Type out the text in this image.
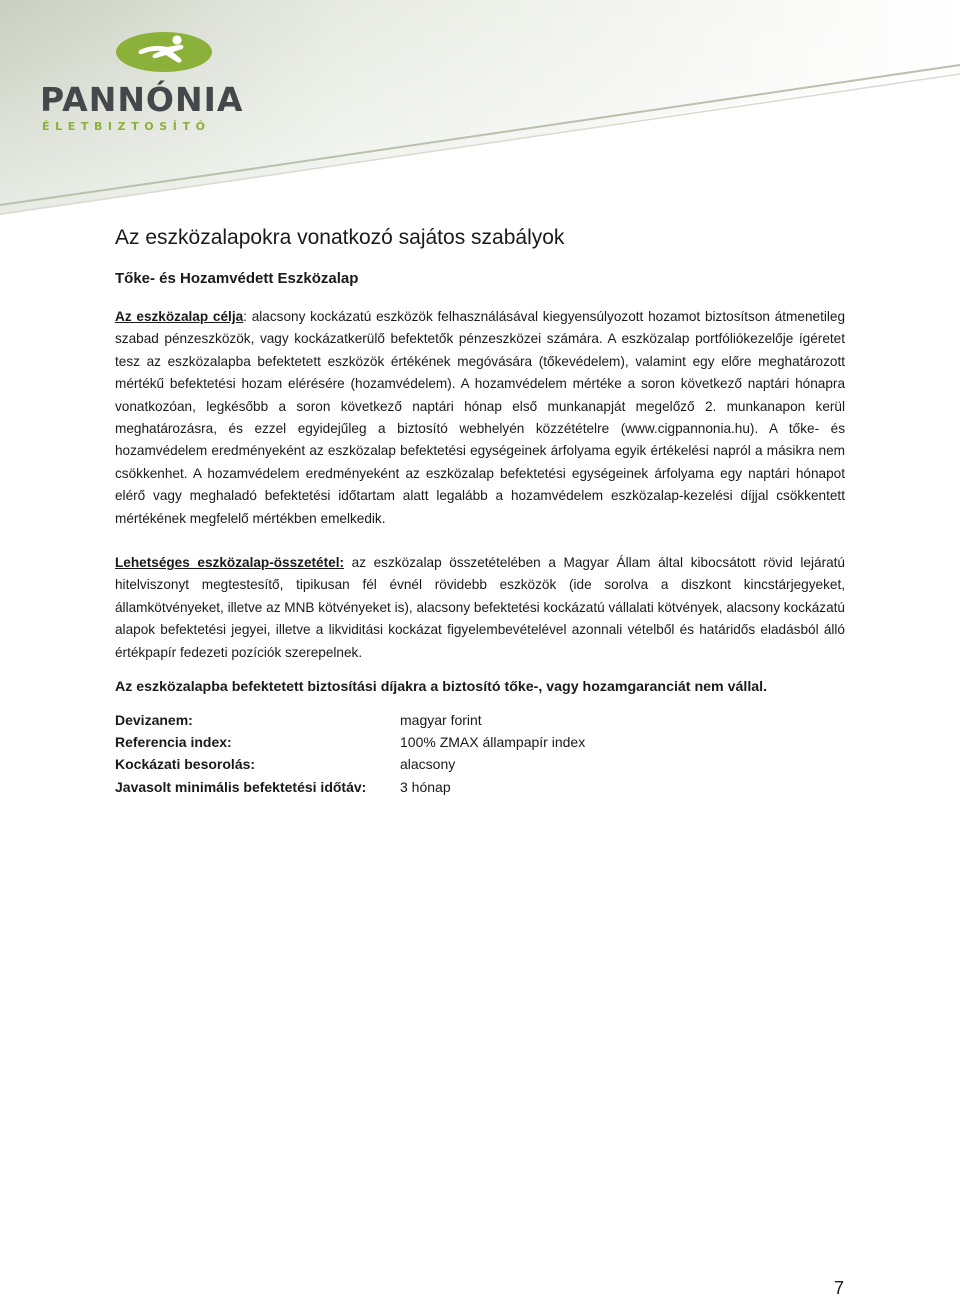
PANNÓNIA
ÉLETBIZTOSÍTÓ
Az eszközalapokra vonatkozó sajátos szabályok
Tőke- és Hozamvédett Eszközalap

Az eszközalap célja: alacsony kockázatú eszközök felhasználásával kiegyensúlyozott hozamot biztosítson átmenetileg szabad pénzeszközök, vagy kockázatkerülő befektetők pénzeszközei számára. A eszközalap portfóliókezelője ígéretet tesz az eszközalapba befektetett eszközök értékének megóvására (tőkevédelem), valamint egy előre meghatározott mértékű befektetési hozam elérésére (hozamvédelem). A hozamvédelem mértéke a soron következő naptári hónapra vonatkozóan, legkésőbb a soron következő naptári hónap első munkanapját megelőző 2. munkanapon kerül meghatározásra, és ezzel egyidejűleg a biztosító webhelyén közzétételre (www.cigpannonia.hu). A tőke- és hozamvédelem eredményeként az eszközalap befektetési egységeinek árfolyama egyik értékelési napról a másikra nem csökkenhet. A hozamvédelem eredményeként az eszközalap befektetési egységeinek árfolyama egy naptári hónapot elérő vagy meghaladó befektetési időtartam alatt legalább a hozamvédelem eszközalap-kezelési díjjal csökkentett mértékének megfelelő mértékben emelkedik.

Lehetséges eszközalap-összetétel: az eszközalap összetételében a Magyar Állam által kibocsátott rövid lejáratú hitelviszonyt megtestesítő, tipikusan fél évnél rövidebb eszközök (ide sorolva a diszkont kincstárjegyeket, államkötvényeket, illetve az MNB kötvényeket is), alacsony befektetési kockázatú vállalati kötvények, alacsony kockázatú alapok befektetési jegyei, illetve a likviditási kockázat figyelembevételével azonnali vételből és határidős eladásból álló értékpapír fedezeti pozíciók szerepelnek.

Az eszközalapba befektetett biztosítási díjakra a biztosító tőke-, vagy hozamgaranciát nem vállal.

Devizanem:	magyar forint
Referencia index:	100% ZMAX állampapír index
Kockázati besorolás:	alacsony
Javasolt minimális befektetési időtáv:	3 hónap
7
